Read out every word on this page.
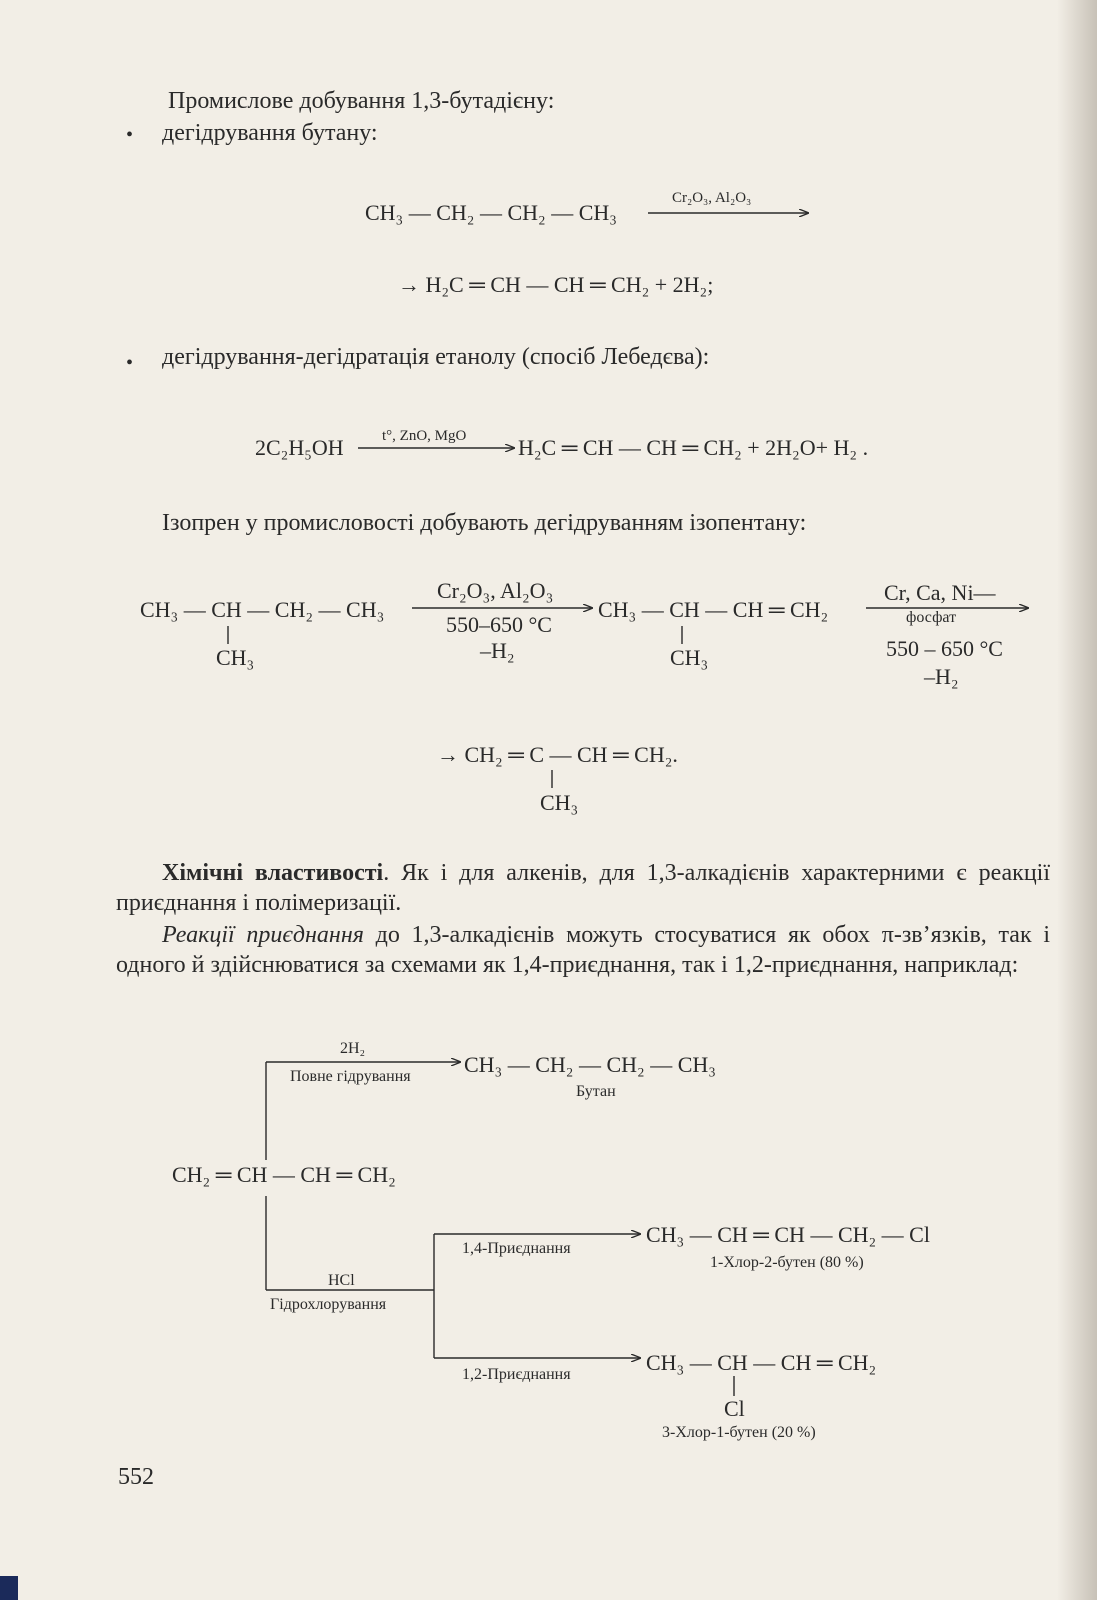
Промислове добування 1,3-бутадієну:
• дегідрування бутану:
CH₃ — CH₂ — CH₂ — CH₃
Cr₂O₃, Al₂O₃
→ H₂C ═ CH — CH ═ CH₂ + 2H₂;
• дегідрування-дегідратація етанолу (спосіб Лебедєва):
2C₂H₅OH	t°, ZnO, MgO H₂C ═ CH — CH ═ CH₂ + 2H₂O+ H₂ .
Ізопрен у промисловості добувають дегідруванням ізопентану:
CH₃ — CH — CH₂ — CH₃
CH₃
Cr₂O₃, Al₂O₃
550–650 °C
–H₂
CH₃ — CH — CH ═ CH₂
CH₃
Cr, Ca, Ni—
фосфат
550 – 650 °C
–H₂
→ CH₂ ═ C — CH ═ CH₂.
CH₃
Хімічні властивості. Як і для алкенів, для 1,3-алкадієнів характерними є реакції приєднання і полімеризації.
Реакції приєднання до 1,3-алкадієнів можуть стосуватися як обох π-зв’язків, так і одного й здійснюватися за схемами як 1,4-приєднання, так і 1,2-приєднання, наприклад:
CH₂ ═ CH — CH ═ CH₂
2H₂
Повне гідрування CH₃ — CH₂ — CH₂ — CH₃
Бутан
HCl
Гідрохлорування
1,4-Приєднання
CH₃ — CH ═ CH — CH₂ — Cl
1-Хлор-2-бутен (80 %)
1,2-Приєднання	CH₃ — CH — CH ═ CH₂
Cl
3-Хлор-1-бутен (20 %)
552
